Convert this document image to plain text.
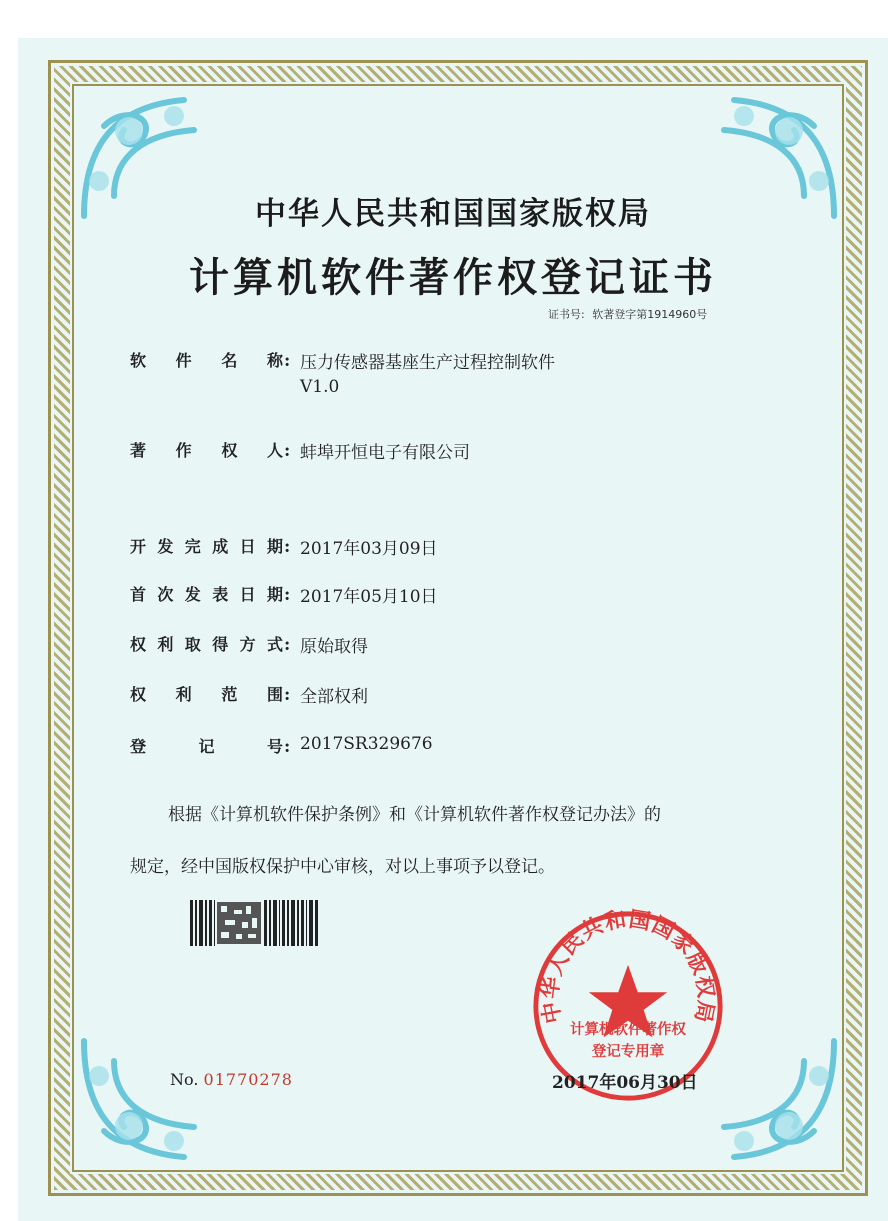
中华人民共和国国家版权局
计算机软件著作权登记证书
证书号: 软著登字第1914960号
软件名称: 压力传感器基座生产过程控制软件
V1.0
著作权人: 蚌埠开恒电子有限公司
开发完成日期: 2017年03月09日
首次发表日期: 2017年05月10日
权利取得方式: 原始取得
权利范围: 全部权利
登记号: 2017SR329676
根据《计算机软件保护条例》和《计算机软件著作权登记办法》的
规定，经中国版权保护中心审核，对以上事项予以登记。
中华人民共和国国家版权局
计算机软件著作权
登记专用章
No. 01770278	2017年06月30日
